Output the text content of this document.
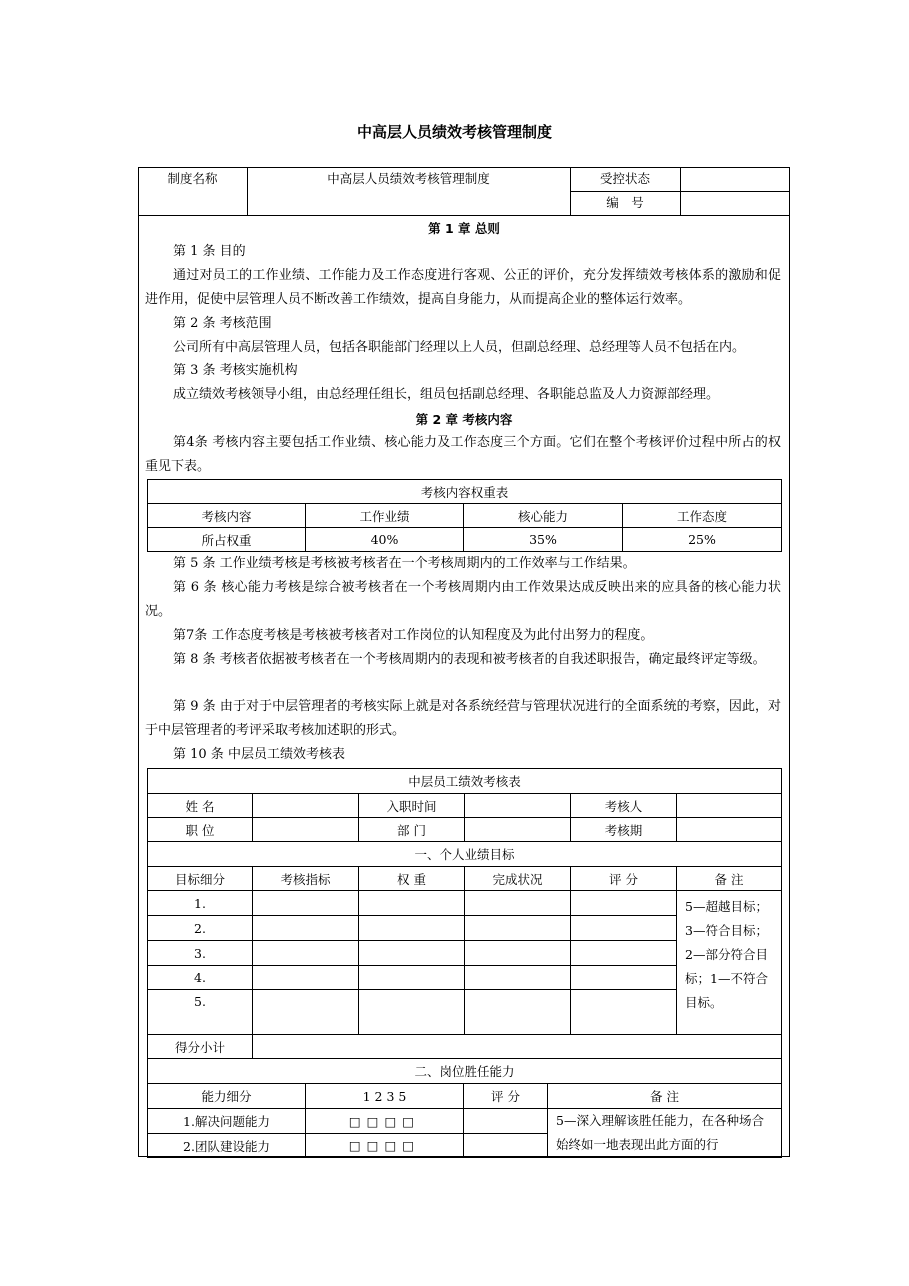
中高层人员绩效考核管理制度
制度名称	中高层人员绩效考核管理制度	受控状态
编　号
第 1 章 总则
第 1 条 目的
通过对员工的工作业绩、工作能力及工作态度进行客观、公正的评价，充分发挥绩效考核体系的激励和促进作用，促使中层管理人员不断改善工作绩效，提高自身能力，从而提高企业的整体运行效率。
第 2 条 考核范围
公司所有中高层管理人员，包括各职能部门经理以上人员，但副总经理、总经理等人员不包括在内。
第 3 条 考核实施机构
成立绩效考核领导小组，由总经理任组长，组员包括副总经理、各职能总监及人力资源部经理。
第 2 章 考核内容
第4条 考核内容主要包括工作业绩、核心能力及工作态度三个方面。它们在整个考核评价过程中所占的权重见下表。
考核内容权重表			
考核内容	工作业绩	核心能力	工作态度
所占权重	40%	35%	25%
第 5 条 工作业绩考核是考核被考核者在一个考核周期内的工作效率与工作结果。
第 6 条 核心能力考核是综合被考核者在一个考核周期内由工作效果达成反映出来的应具备的核心能力状况。
第7条 工作态度考核是考核被考核者对工作岗位的认知程度及为此付出努力的程度。
第 8 条 考核者依据被考核者在一个考核周期内的表现和被考核者的自我述职报告，确定最终评定等级。
第 9 条 由于对于中层管理者的考核实际上就是对各系统经营与管理状况进行的全面系统的考察，因此，对于中层管理者的考评采取考核加述职的形式。
第 10 条 中层员工绩效考核表
中层员工绩效考核表					
姓 名		入职时间		考核人	
职 位		部 门		考核期	
一、个人业绩目标					
目标细分	考核指标	权 重	完成状况	评 分	备 注
1.					5—超越目标；3—符合目标；2—部分符合目标；1—不符合目标。
2.					
3.					
4.					
5.					
得分小计					
二、岗位胜任能力					
能力细分	1 2 3 5	评 分	备 注
1.解决问题能力	□□□□		5—深入理解该胜任能力，在各种场合始终如一地表现出此方面的行
2.团队建设能力	□□□□		
